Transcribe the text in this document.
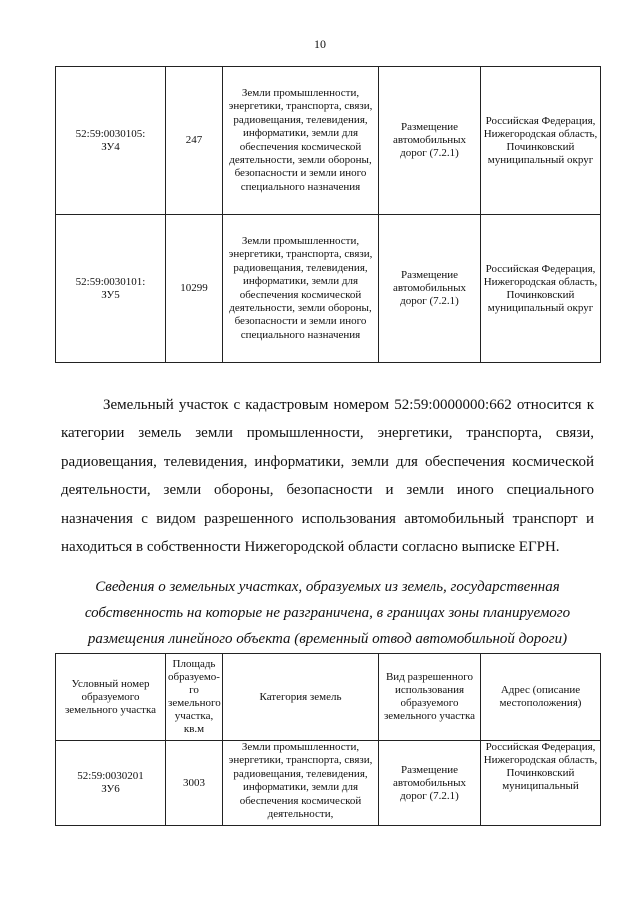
10
52:59:0030105:
ЗУ4	247	Земли промышленности, энергетики, транспорта, связи, радиовещания, телевидения, информатики, земли для обеспечения космической деятельности, земли обороны, безопасности и земли иного специального назначения	Размещение автомобильных дорог (7.2.1)	Российская Федерация, Нижегородская область, Починковский муниципальный округ
52:59:0030101:
ЗУ5	10299	Земли промышленности, энергетики, транспорта, связи, радиовещания, телевидения, информатики, земли для обеспечения космической деятельности, земли обороны, безопасности и земли иного специального назначения	Размещение автомобильных дорог (7.2.1)	Российская Федерация, Нижегородская область, Починковский муниципальный округ

Земельный участок с кадастровым номером 52:59:0000000:662 относится к категории земель земли промышленности, энергетики, транспорта, связи, радиовещания, телевидения, информатики, земли для обеспечения космической деятельности, земли обороны, безопасности и земли иного специального назначения с видом разрешенного использования автомобильный транспорт и находиться в собственности Нижегородской области согласно выписке ЕГРН.

Сведения о земельных участках, образуемых из земель, государственная собственность на которые не разграничена, в границах зоны планируемого размещения линейного объекта (временный отвод автомобильной дороги)
Условный номер образуемого земельного участка	Площадь образуемо-го земельного участка, кв.м	Категория земель	Вид разрешенного использования образуемого земельного участка	Адрес (описание местоположения)

52:59:0030201
ЗУ6	3003	Земли промышленности, энергетики, транспорта, связи, радиовещания, телевидения, информатики, земли для обеспечения космической деятельности,	Размещение автомобильных дорог (7.2.1)	Российская Федерация, Нижегородская область, Починковский муниципальный
